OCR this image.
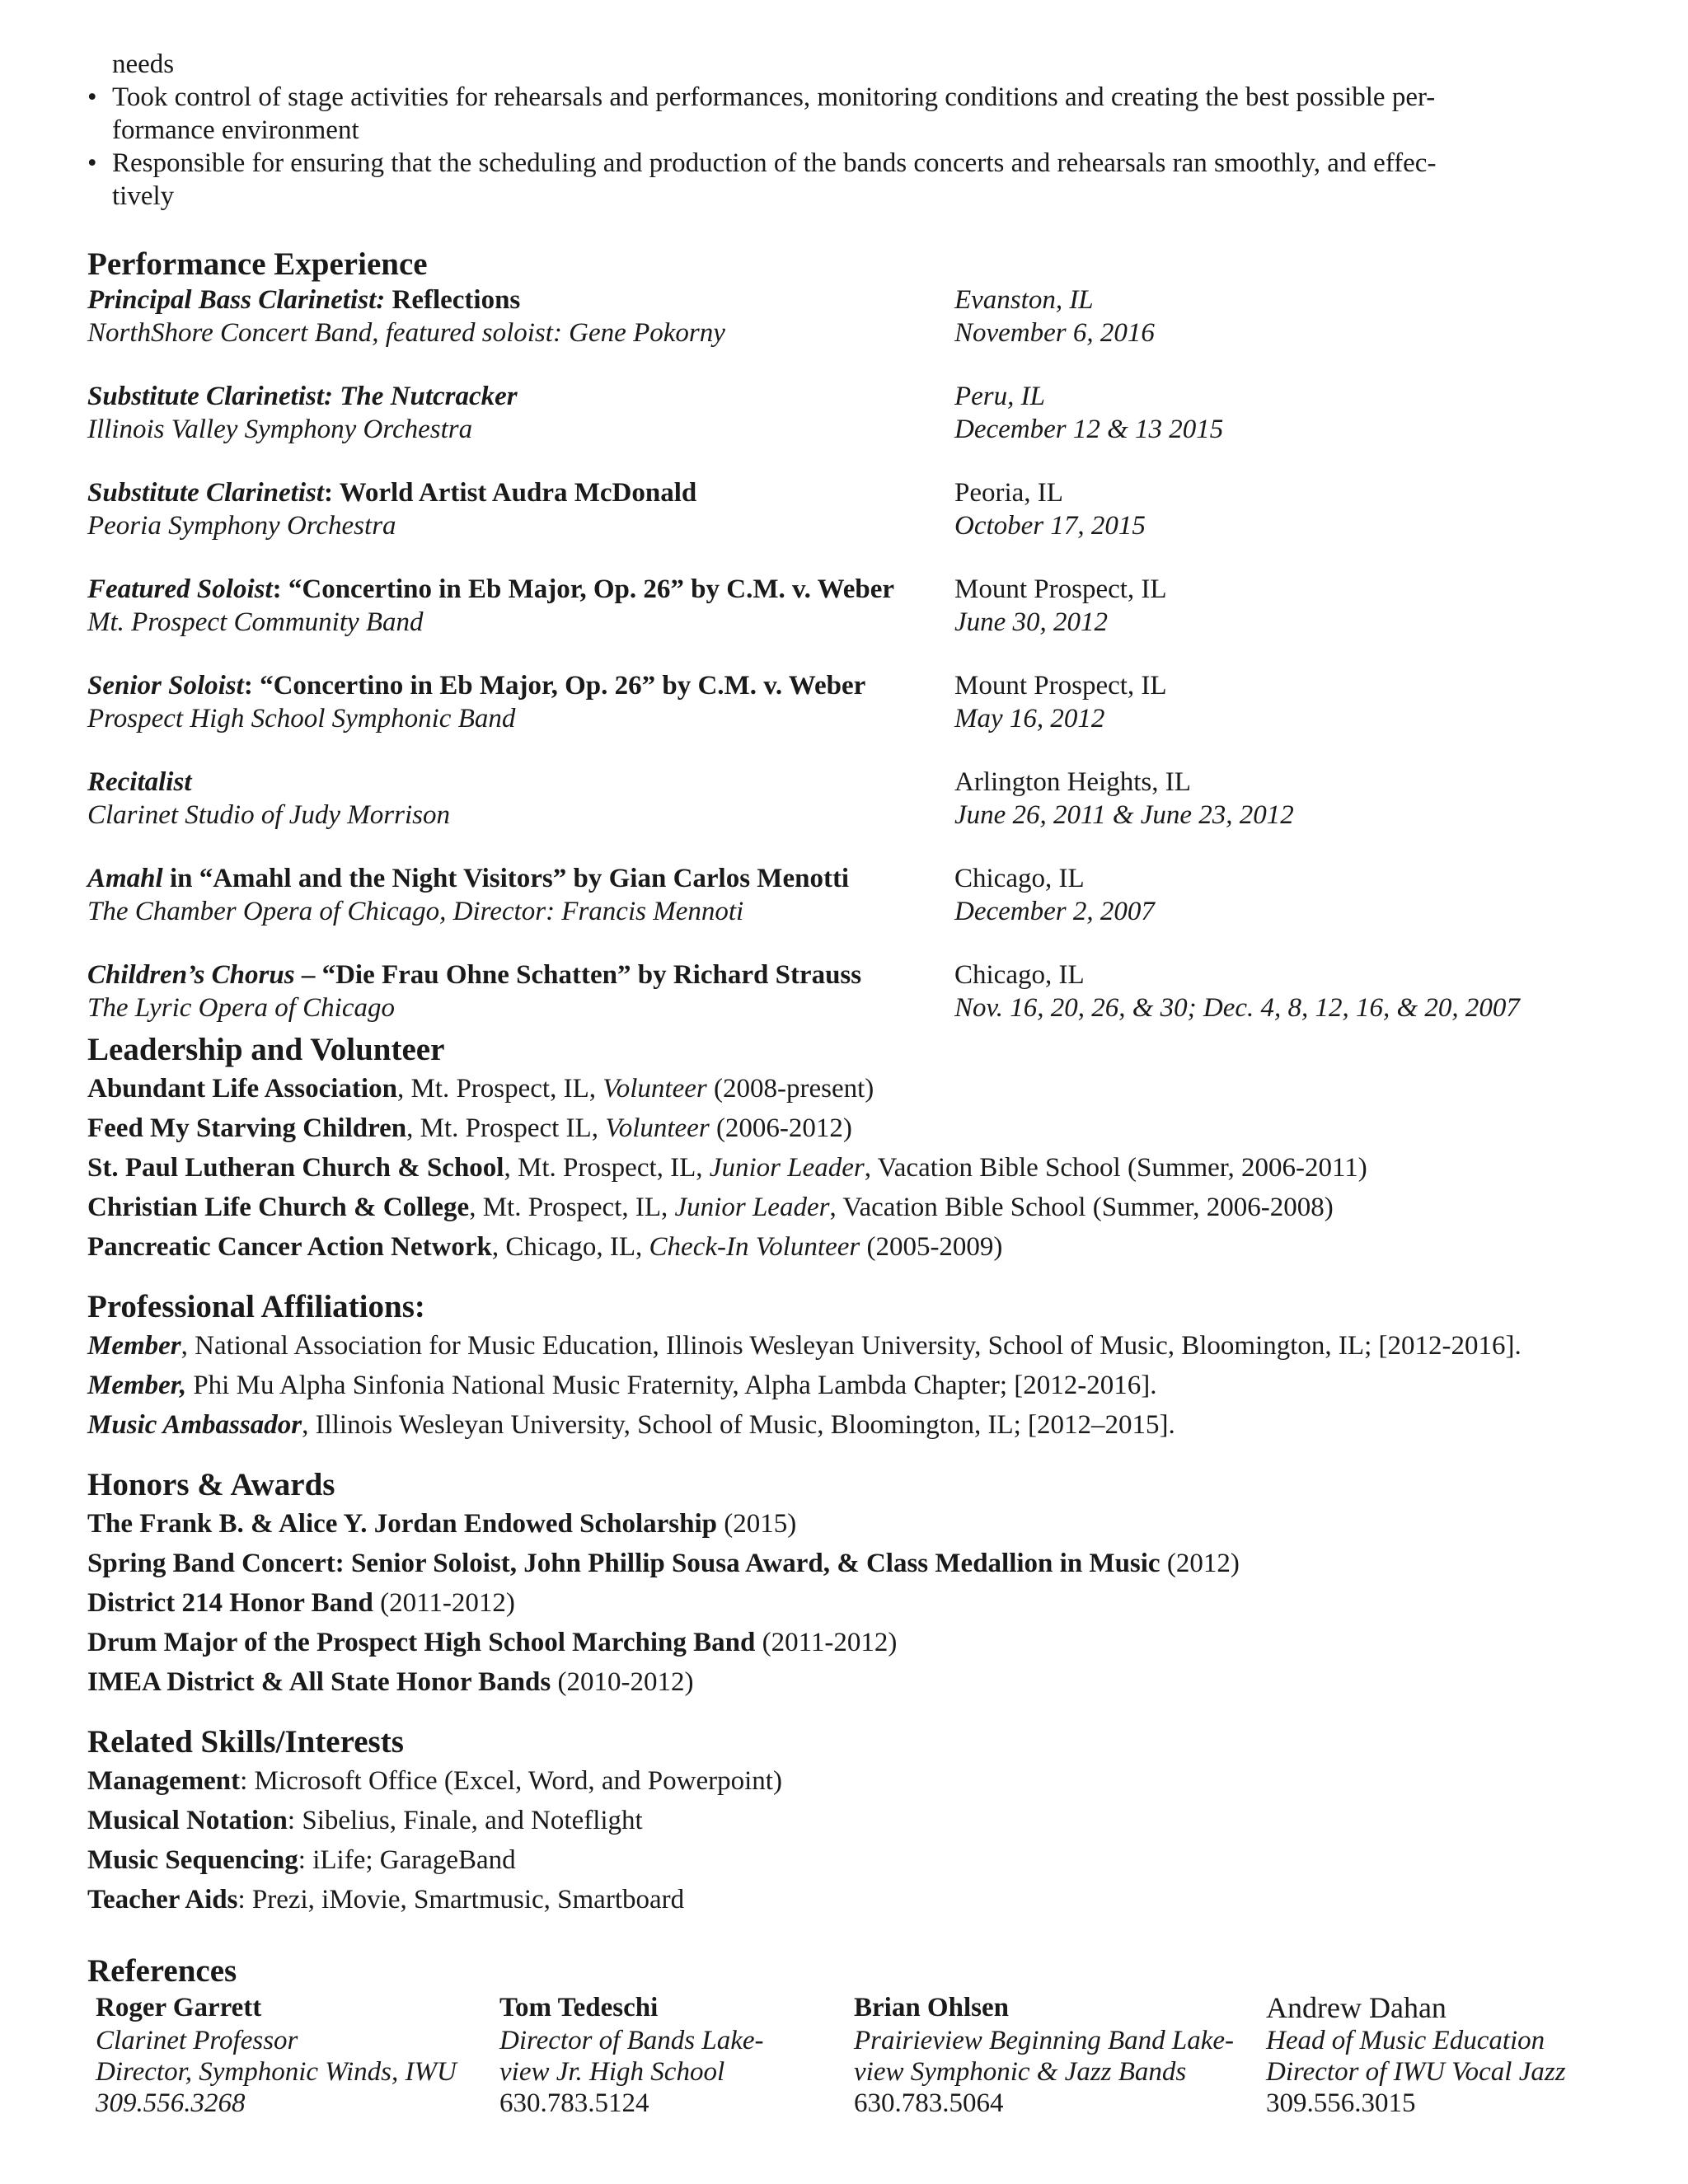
needs
• Took control of stage activities for rehearsals and performances, monitoring conditions and creating the best possible per-
formance environment
• Responsible for ensuring that the scheduling and production of the bands concerts and rehearsals ran smoothly, and effec-
tively
Performance Experience
Principal Bass Clarinetist: Reflections
NorthShore Concert Band, featured soloist: Gene Pokorny
Evanston, IL
November 6, 2016
Substitute Clarinetist: The Nutcracker
Illinois Valley Symphony Orchestra
Peru, IL
December 12 & 13 2015
Substitute Clarinetist: World Artist Audra McDonald
Peoria Symphony Orchestra
Peoria, IL
October 17, 2015
Featured Soloist: “Concertino in Eb Major, Op. 26” by C.M. v. Weber
Mt. Prospect Community Band
Mount Prospect, IL
June 30, 2012
Senior Soloist: “Concertino in Eb Major, Op. 26” by C.M. v. Weber
Prospect High School Symphonic Band
Mount Prospect, IL
May 16, 2012
Recitalist
Clarinet Studio of Judy Morrison
Arlington Heights, IL
June 26, 2011 & June 23, 2012
Amahl in “Amahl and the Night Visitors” by Gian Carlos Menotti
The Chamber Opera of Chicago, Director: Francis Mennoti
Chicago, IL
December 2, 2007
Children’s Chorus – “Die Frau Ohne Schatten” by Richard Strauss
The Lyric Opera of Chicago
Chicago, IL
Nov. 16, 20, 26, & 30; Dec. 4, 8, 12, 16, & 20, 2007
Leadership and Volunteer
Abundant Life Association, Mt. Prospect, IL, Volunteer (2008-present)
Feed My Starving Children, Mt. Prospect IL, Volunteer (2006-2012)
St. Paul Lutheran Church & School, Mt. Prospect, IL, Junior Leader, Vacation Bible School (Summer, 2006-2011)
Christian Life Church & College, Mt. Prospect, IL, Junior Leader, Vacation Bible School (Summer, 2006-2008)
Pancreatic Cancer Action Network, Chicago, IL, Check-In Volunteer (2005-2009)
Professional Affiliations:
Member, National Association for Music Education, Illinois Wesleyan University, School of Music, Bloomington, IL; [2012-2016].
Member, Phi Mu Alpha Sinfonia National Music Fraternity, Alpha Lambda Chapter; [2012-2016].
Music Ambassador, Illinois Wesleyan University, School of Music, Bloomington, IL; [2012–2015].
Honors & Awards
The Frank B. & Alice Y. Jordan Endowed Scholarship (2015)
Spring Band Concert: Senior Soloist, John Phillip Sousa Award, & Class Medallion in Music (2012)
District 214 Honor Band (2011-2012)
Drum Major of the Prospect High School Marching Band (2011-2012)
IMEA District & All State Honor Bands (2010-2012)
Related Skills/Interests
Management: Microsoft Office (Excel, Word, and Powerpoint)
Musical Notation: Sibelius, Finale, and Noteflight
Music Sequencing: iLife; GarageBand
Teacher Aids: Prezi, iMovie, Smartmusic, Smartboard
References
Roger Garrett
Clarinet Professor
Director, Symphonic Winds, IWU
309.556.3268
Tom Tedeschi
Director of Bands Lake-
view Jr. High School
630.783.5124
Brian Ohlsen
Prairieview Beginning Band Lake-
view Symphonic & Jazz Bands
630.783.5064
Andrew Dahan
Head of Music Education
Director of IWU Vocal Jazz
309.556.3015
